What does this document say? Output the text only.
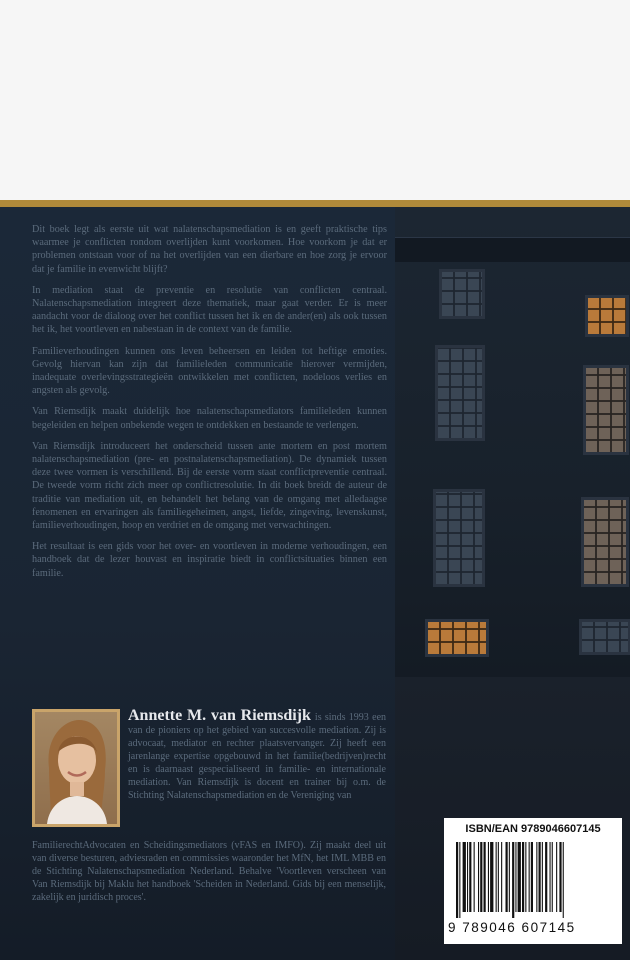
Dit boek legt als eerste uit wat nalatenschapsmediation is en geeft praktische tips waarmee je conflicten rondom overlijden kunt voorkomen. Hoe voorkom je dat er problemen ontstaan voor of na het overlijden van een dierbare en hoe zorg je ervoor dat je familie in evenwicht blijft?

In mediation staat de preventie en resolutie van conflicten centraal. Nalatenschapsmediation integreert deze thematiek, maar gaat verder. Er is meer aandacht voor de dialoog over het conflict tussen het ik en de ander(en) als ook tussen het ik, het voortleven en nabestaan in de context van de familie.

Familieverhoudingen kunnen ons leven beheersen en leiden tot heftige emoties. Gevolg hiervan kan zijn dat familieleden communicatie hierover vermijden, inadequate overlevingsstrategieën ontwikkelen met conflicten, nodeloos verlies en angsten als gevolg.

Van Riemsdijk maakt duidelijk hoe nalatenschapsmediators familieleden kunnen begeleiden en helpen onbekende wegen te ontdekken en bestaande te verlengen.

Van Riemsdijk introduceert het onderscheid tussen ante mortem en post mortem nalatenschapsmediation (pre- en postnalatenschapsmediation). De dynamiek tussen deze twee vormen is verschillend. Bij de eerste vorm staat conflictpreventie centraal. De tweede vorm richt zich meer op conflictresolutie. In dit boek breidt de auteur de traditie van mediation uit, en behandelt het belang van de omgang met alledaagse fenomenen en ervaringen als familiegeheimen, angst, liefde, zingeving, levenskunst, familieverhoudingen, hoop en verdriet en de omgang met verwachtingen.

Het resultaat is een gids voor het over- en voortleven in moderne verhoudingen, een handboek dat de lezer houvast en inspiratie biedt in conflictsituaties binnen een familie.

Annette M. van Riemsdijk is sinds 1993 een van de pioniers op het gebied van succesvolle mediation. Zij is advocaat, mediator en rechter plaatsvervanger. Zij heeft een jarenlange expertise opgebouwd in het familie(bedrijven)recht en is daarnaast gespecialiseerd in familie- en internationale mediation. Van Riemsdijk is docent en trainer bij o.m. de Stichting Nalatenschapsmediation en de Vereniging van
FamilierechtAdvocaten en Scheidingsmediators (vFAS en IMFO). Zij maakt deel uit van diverse besturen, adviesraden en commissies waaronder het MfN, het IML MBB en de Stichting Nalatenschapsmediation Nederland. Behalve 'Voortleven verscheen van Van Riemsdijk bij Maklu het handboek 'Scheiden in Nederland. Gids bij een menselijk, zakelijk en juridisch proces'.
ISBN/EAN 9789046607145
9 789046 607145
